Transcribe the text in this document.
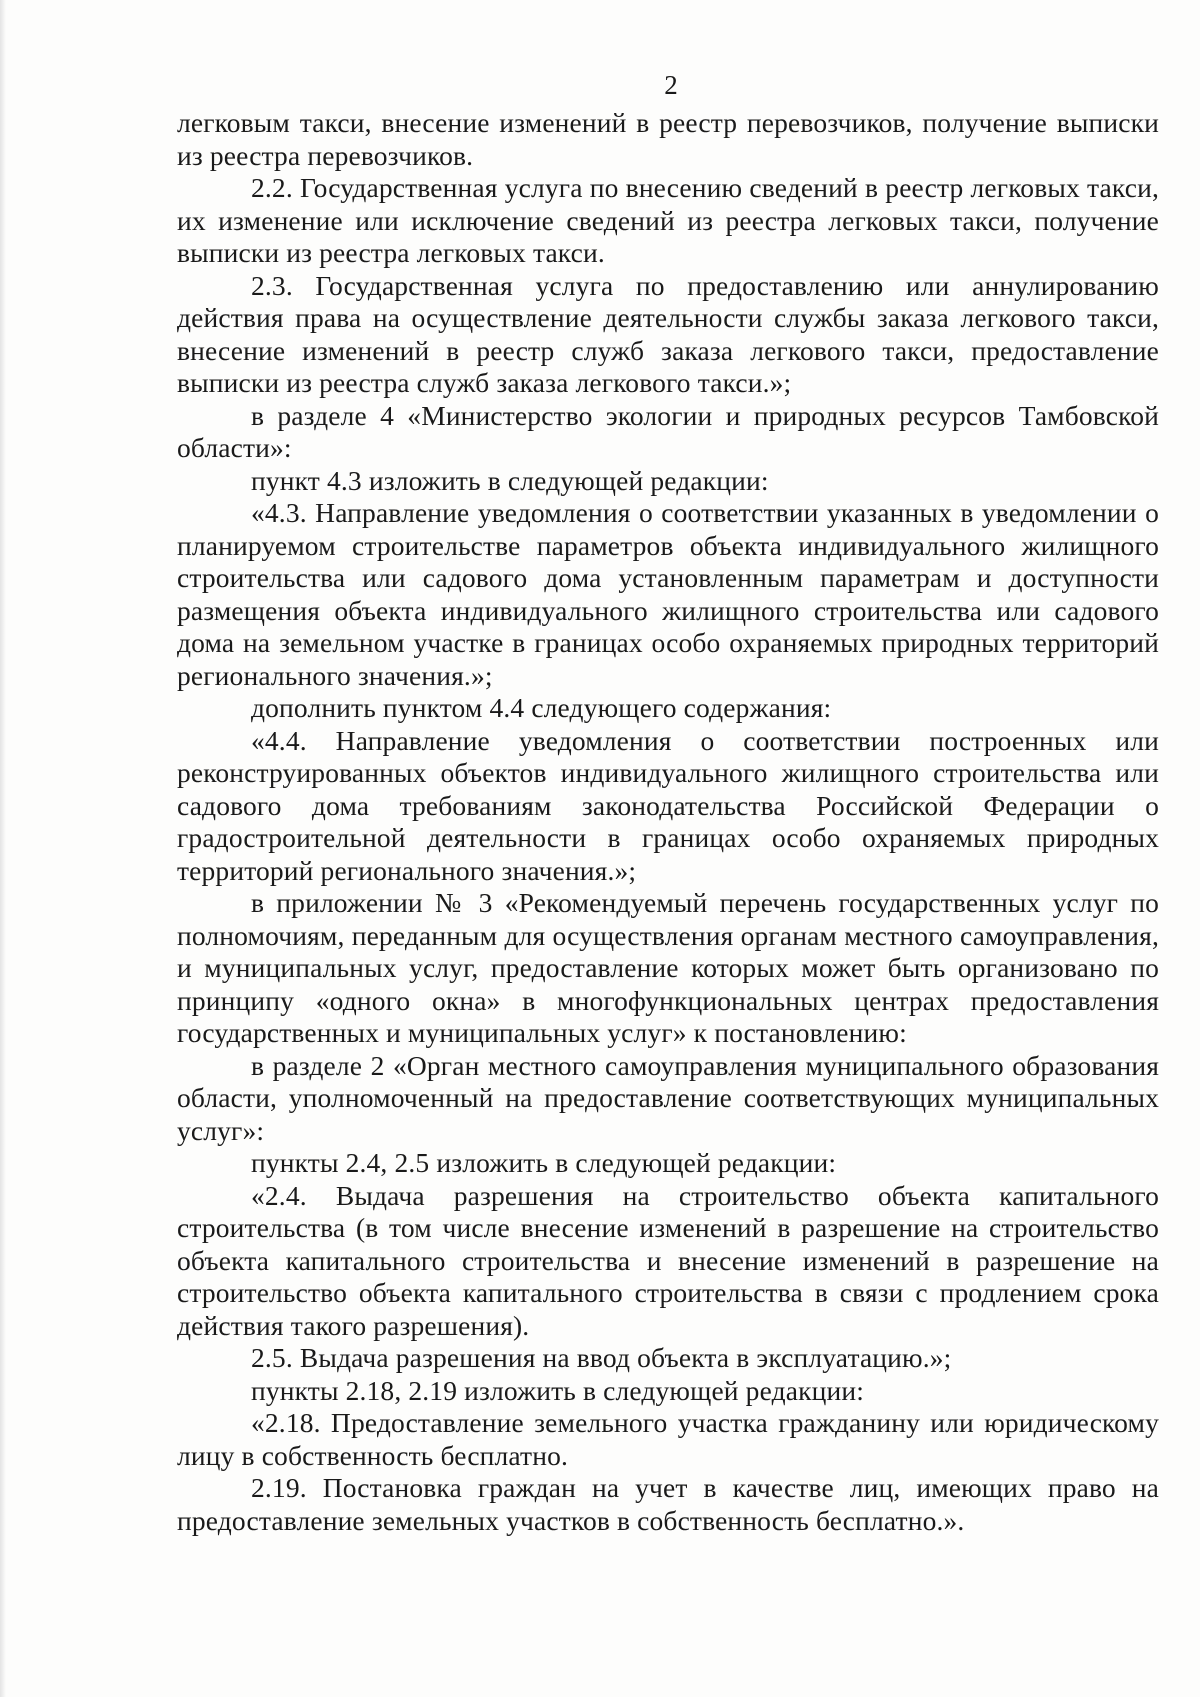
2

легковым такси, внесение изменений в реестр перевозчиков, получение выписки из реестра перевозчиков.

2.2. Государственная услуга по внесению сведений в реестр легковых такси, их изменение или исключение сведений из реестра легковых такси, получение выписки из реестра легковых такси.

2.3. Государственная услуга по предоставлению или аннулированию действия права на осуществление деятельности службы заказа легкового такси, внесение изменений в реестр служб заказа легкового такси, предоставление выписки из реестра служб заказа легкового такси.»;

в разделе 4 «Министерство экологии и природных ресурсов Тамбовской области»:

пункт 4.3 изложить в следующей редакции:

«4.3. Направление уведомления о соответствии указанных в уведомлении о планируемом строительстве параметров объекта индивидуального жилищного строительства или садового дома установленным параметрам и доступности размещения объекта индивидуального жилищного строительства или садового дома на земельном участке в границах особо охраняемых природных территорий регионального значения.»;

дополнить пунктом 4.4 следующего содержания:

«4.4. Направление уведомления о соответствии построенных или реконструированных объектов индивидуального жилищного строительства или садового дома требованиям законодательства Российской Федерации о градостроительной деятельности в границах особо охраняемых природных территорий регионального значения.»;

в приложении № 3 «Рекомендуемый перечень государственных услуг по полномочиям, переданным для осуществления органам местного самоуправления, и муниципальных услуг, предоставление которых может быть организовано по принципу «одного окна» в многофункциональных центрах предоставления государственных и муниципальных услуг» к постановлению:

в разделе 2 «Орган местного самоуправления муниципального образования области, уполномоченный на предоставление соответствующих муниципальных услуг»:

пункты 2.4, 2.5 изложить в следующей редакции:

«2.4. Выдача разрешения на строительство объекта капитального строительства (в том числе внесение изменений в разрешение на строительство объекта капитального строительства и внесение изменений в разрешение на строительство объекта капитального строительства в связи с продлением срока действия такого разрешения).

2.5. Выдача разрешения на ввод объекта в эксплуатацию.»;

пункты 2.18, 2.19 изложить в следующей редакции:

«2.18. Предоставление земельного участка гражданину или юридическому лицу в собственность бесплатно.

2.19. Постановка граждан на учет в качестве лиц, имеющих право на предоставление земельных участков в собственность бесплатно.».
